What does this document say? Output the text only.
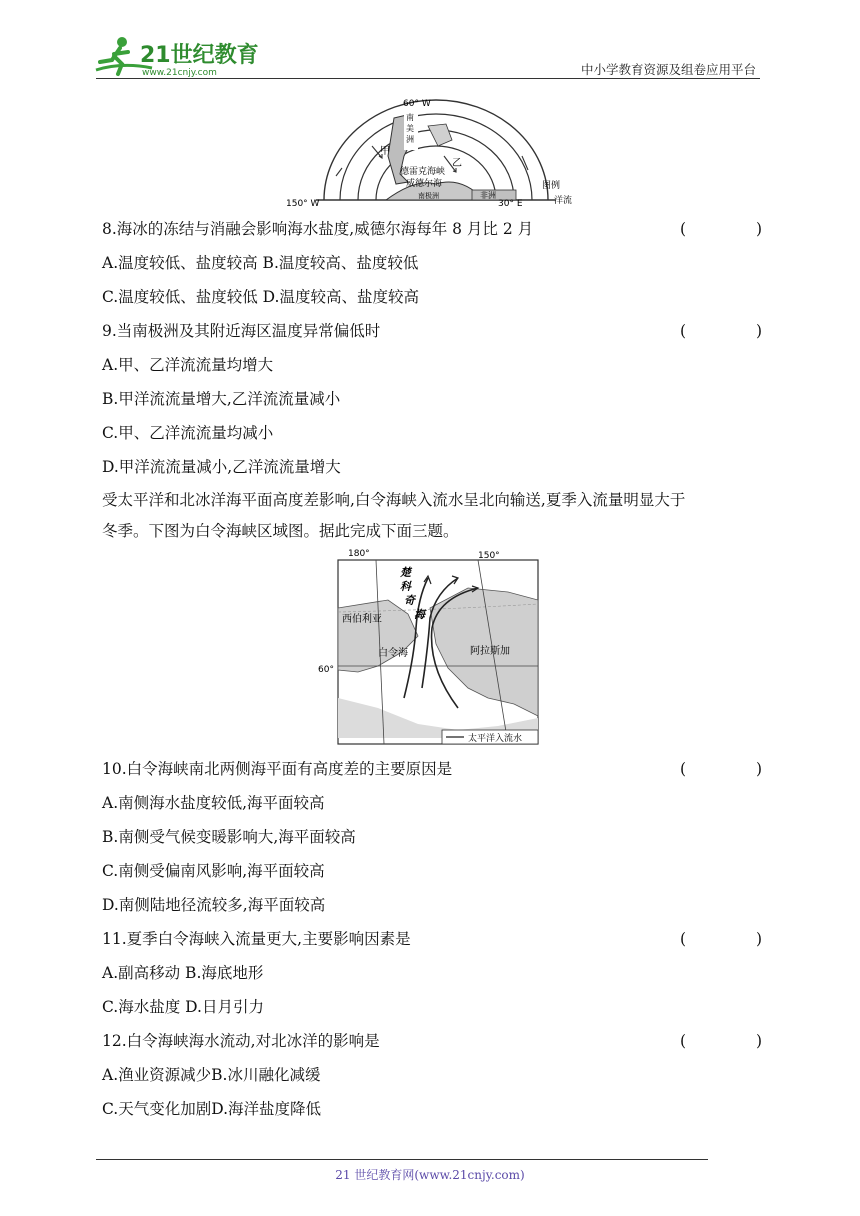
21世纪教育
www.21cnjy.com	中小学教育资源及组卷应用平台
60° W
南
美
洲
甲
乙
德雷克海峡
威德尔海
南极洲	非洲
150° W	30° E
图例
洋流
8.海冰的冻结与消融会影响海水盐度,威德尔海每年 8 月比 2 月	(	)
A.温度较低、盐度较高 B.温度较高、盐度较低
C.温度较低、盐度较低 D.温度较高、盐度较高
9.当南极洲及其附近海区温度异常偏低时	(	)
A.甲、乙洋流流量均增大
B.甲洋流流量增大,乙洋流流量减小
C.甲、乙洋流流量均减小
D.甲洋流流量减小,乙洋流流量增大
受太平洋和北冰洋海平面高度差影响,白令海峡入流水呈北向输送,夏季入流量明显大于
冬季。下图为白令海峡区域图。据此完成下面三题。
180°	150°
60°
楚
科
奇
海
西伯利亚
白令海	阿拉斯加
太平洋入流水
10.白令海峡南北两侧海平面有高度差的主要原因是	(	)
A.南侧海水盐度较低,海平面较高
B.南侧受气候变暖影响大,海平面较高
C.南侧受偏南风影响,海平面较高
D.南侧陆地径流较多,海平面较高
11.夏季白令海峡入流量更大,主要影响因素是	(	)
A.副高移动 B.海底地形
C.海水盐度 D.日月引力
12.白令海峡海水流动,对北冰洋的影响是	(	)
A.渔业资源减少B.冰川融化减缓
C.天气变化加剧D.海洋盐度降低
21 世纪教育网(www.21cnjy.com)
